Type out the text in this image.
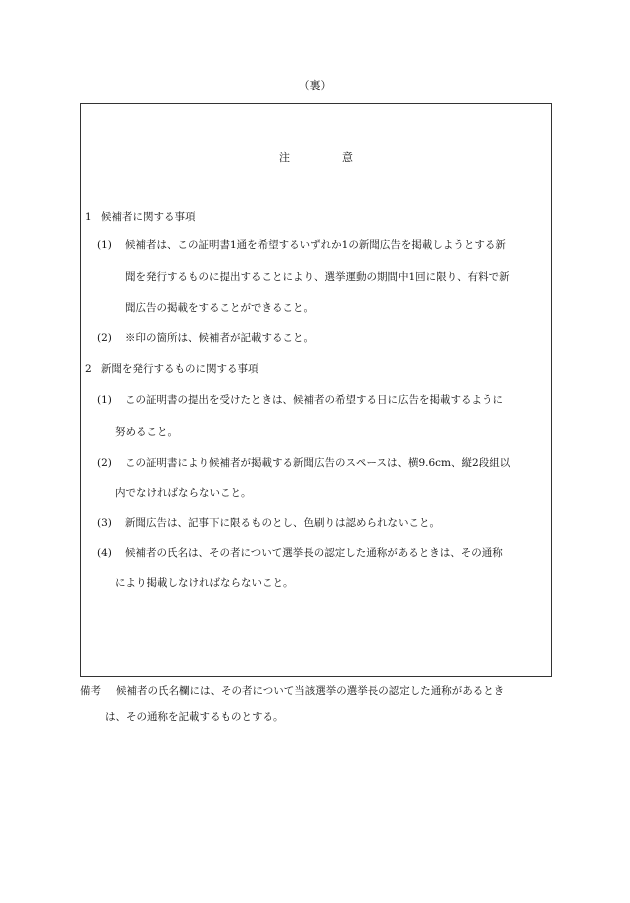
（裏）
注	意
1 候補者に関する事項
(1) 候補者は、この証明書1通を希望するいずれか1の新聞広告を掲載しようとする新
聞を発行するものに提出することにより、選挙運動の期間中1回に限り、有料で新
聞広告の掲載をすることができること。
(2) ※印の箇所は、候補者が記載すること。
2 新聞を発行するものに関する事項
(1) この証明書の提出を受けたときは、候補者の希望する日に広告を掲載するように
努めること。
(2) この証明書により候補者が掲載する新聞広告のスペースは、横9.6cm、縦2段組以
内でなければならないこと。
(3) 新聞広告は、記事下に限るものとし、色刷りは認められないこと。
(4) 候補者の氏名は、その者について選挙長の認定した通称があるときは、その通称
により掲載しなければならないこと。
備考 候補者の氏名欄には、その者について当該選挙の選挙長の認定した通称があるとき
は、その通称を記載するものとする。
